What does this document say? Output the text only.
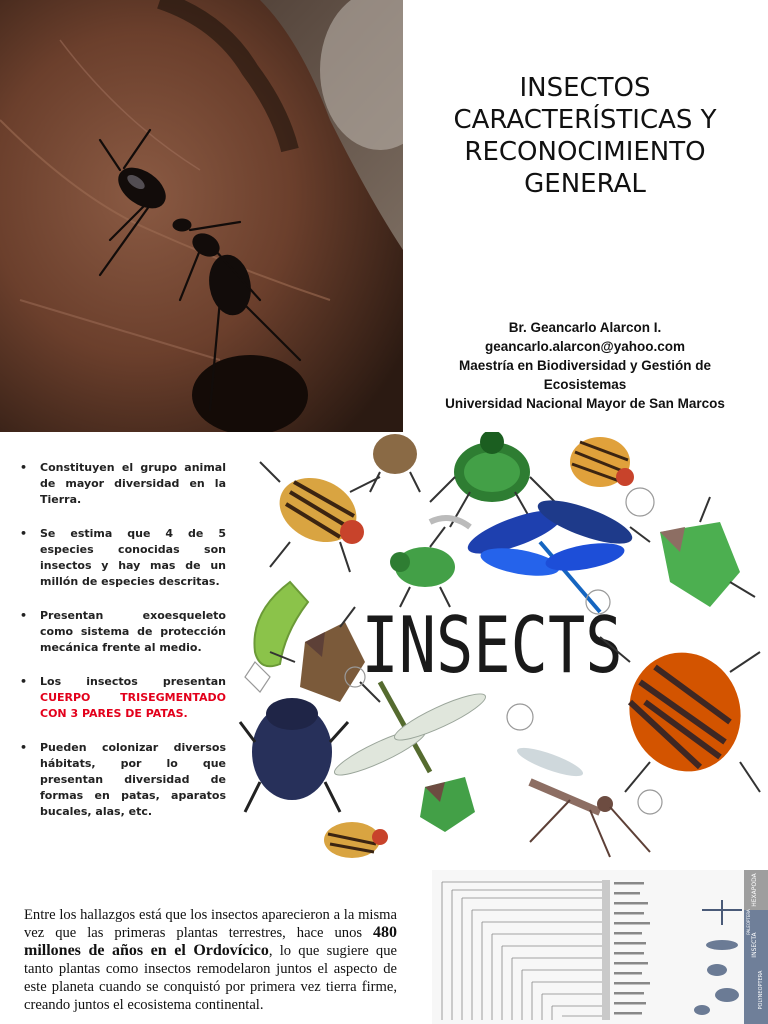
INSECTOS
CARACTERÍSTICAS Y
RECONOCIMIENTO
GENERAL
Br. Geancarlo Alarcon I.
geancarlo.alarcon@yahoo.com
Maestría en Biodiversidad y Gestión de Ecosistemas
Universidad Nacional Mayor de San Marcos
• Constituyen el grupo animal de mayor diversidad en la Tierra.
• Se estima que 4 de 5 especies conocidas son insectos y hay mas de un millón de especies descritas.
• Presentan exoesqueleto como sistema de protección mecánica frente al medio.
• Los insectos presentan CUERPO TRISEGMENTADO CON 3 PARES DE PATAS.
• Pueden colonizar diversos hábitats, por lo que presentan diversidad de formas en patas, aparatos bucales, alas, etc.
INSECTS
Entre los hallazgos está que los insectos aparecieron a la misma vez que las primeras plantas terrestres, hace unos 480 millones de años en el Ordovícico, lo que sugiere que tanto plantas como insectos remodelaron juntos el aspecto de este planeta cuando se conquistó por primera vez tierra firme, creando juntos el ecosistema continental.
HEXAPODA
INSECTA
PALEOPTERA
POLYNEOPTERA
